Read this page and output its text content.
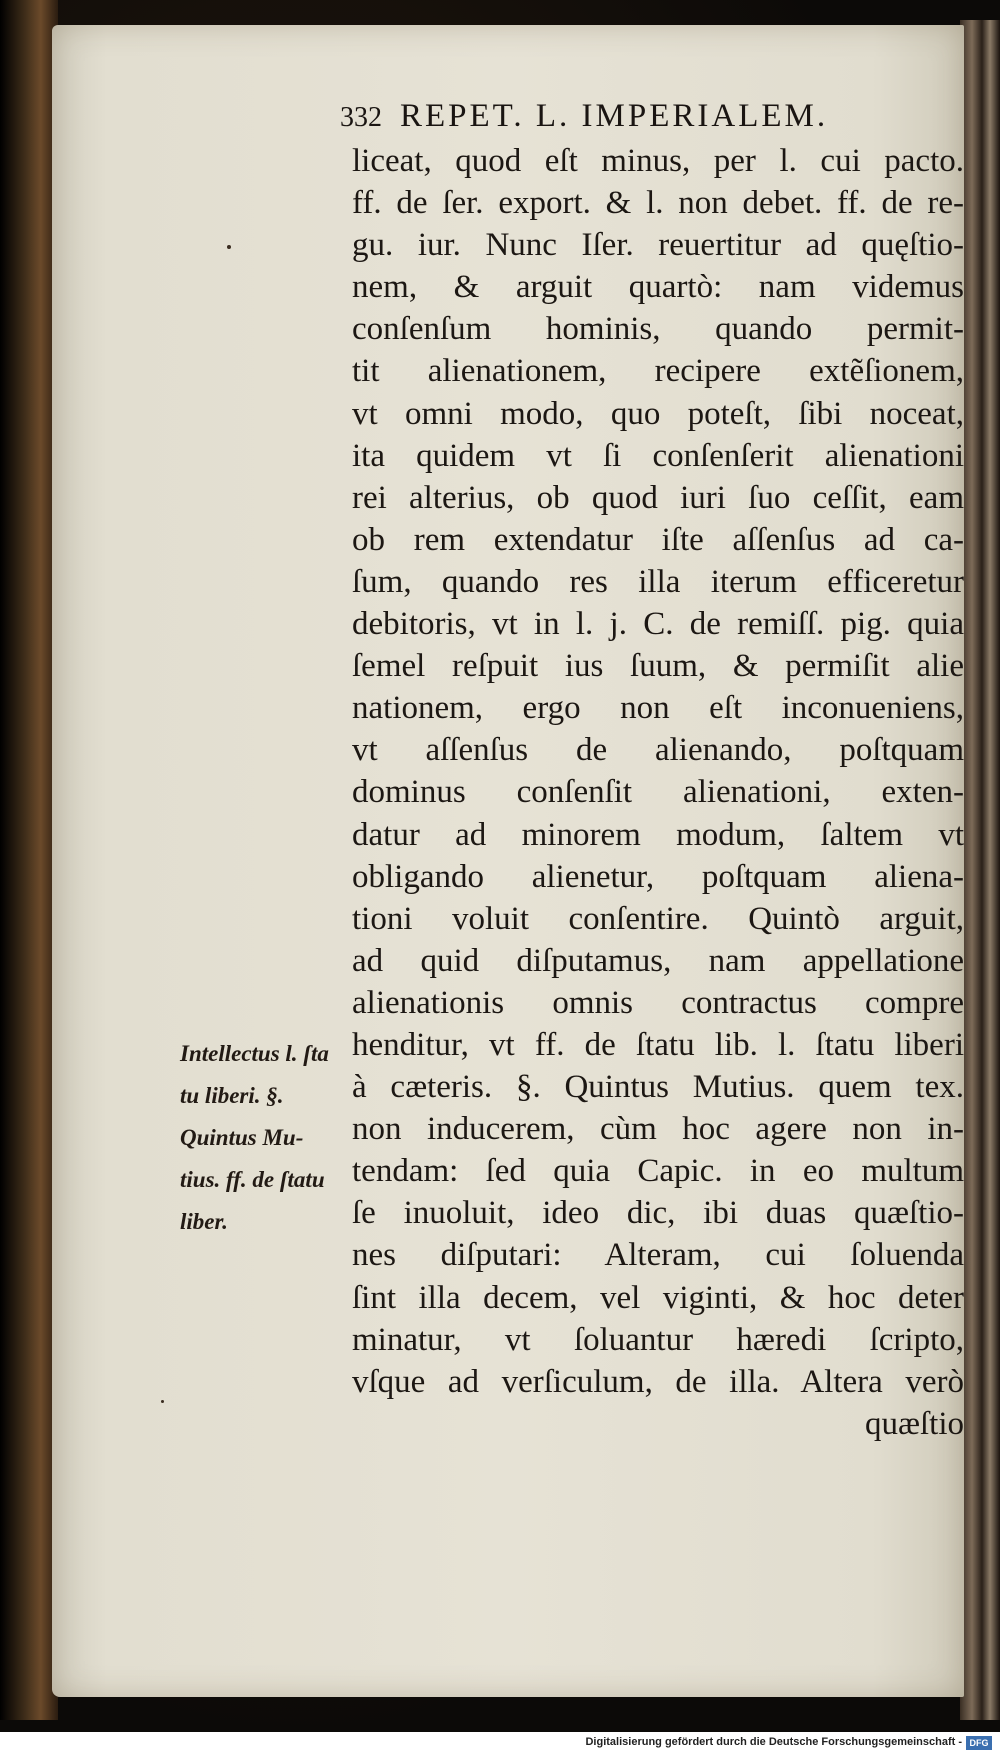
332 REPET. L. IMPERIALEM.
liceat, quod eſt minus, per l. cui pacto.
ff. de ſer. export. & l. non debet. ff. de re-
gu. iur. Nunc Iſer. reuertitur ad quęſtio-
nem, & arguit quartò: nam videmus
conſenſum hominis, quando permit-
tit alienationem, recipere extẽſionem,
vt omni modo, quo poteſt, ſibi noceat,
ita quidem vt ſi conſenſerit alienationi
rei alterius, ob quod iuri ſuo ceſſit, eam
ob rem extendatur iſte aſſenſus ad ca-
ſum, quando res illa iterum efficeretur
debitoris, vt in l. j. C. de remiſſ. pig. quia
ſemel reſpuit ius ſuum, & permiſit alie
nationem, ergo non eſt inconueniens,
vt aſſenſus de alienando, poſtquam
dominus conſenſit alienationi, exten-
datur ad minorem modum, ſaltem vt
obligando alienetur, poſtquam aliena-
tioni voluit conſentire. Quintò arguit,
ad quid diſputamus, nam appellatione
alienationis omnis contractus compre
henditur, vt ff. de ſtatu lib. l. ſtatu liberi
à cæteris. §. Quintus Mutius. quem tex.
non inducerem, cùm hoc agere non in-
tendam: ſed quia Capic. in eo multum
ſe inuoluit, ideo dic, ibi duas quæſtio-
nes diſputari: Alteram, cui ſoluenda
ſint illa decem, vel viginti, & hoc deter
minatur, vt ſoluantur hæredi ſcripto,
vſque ad verſiculum, de illa. Altera verò
quæſtio
Intellectus l. ſta
tu liberi. §.
Quintus Mu-
tius. ff. de ſtatu
liber.
Digitalisierung gefördert durch die Deutsche Forschungsgemeinschaft - DFG
